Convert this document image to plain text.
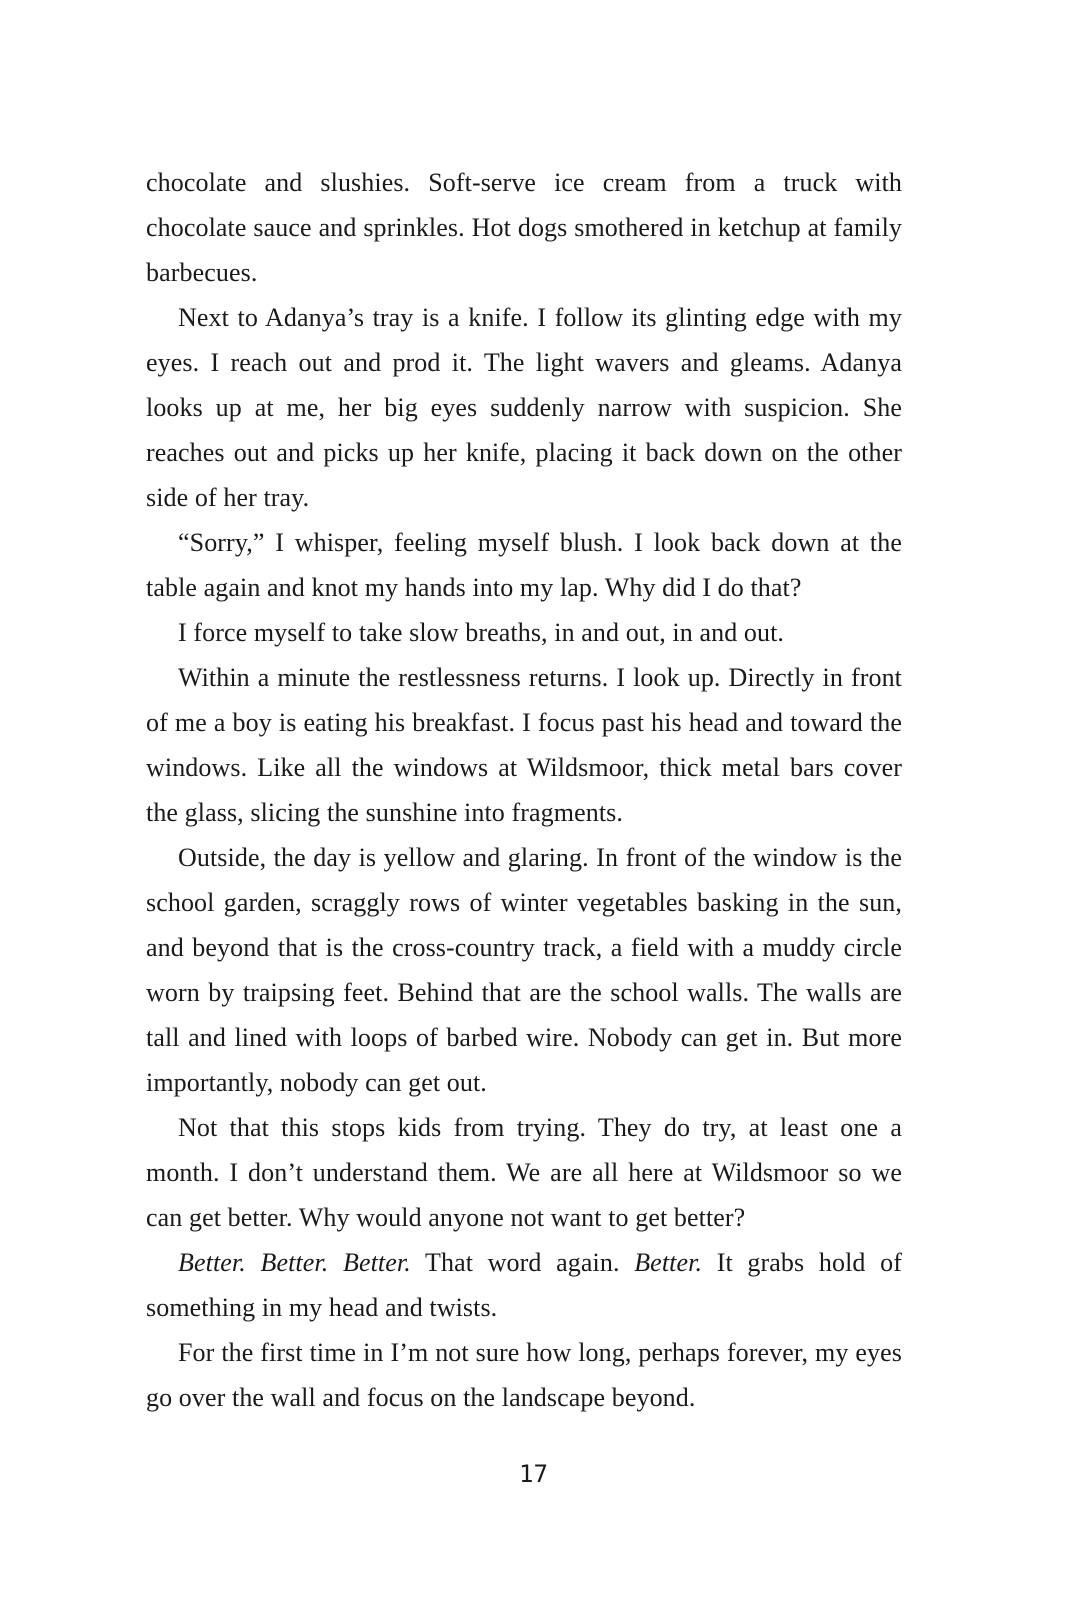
chocolate and slushies. Soft-serve ice cream from a truck with chocolate sauce and sprinkles. Hot dogs smothered in ketchup at family barbecues.

Next to Adanya’s tray is a knife. I follow its glinting edge with my eyes. I reach out and prod it. The light wavers and gleams. Adanya looks up at me, her big eyes suddenly narrow with suspicion. She reaches out and picks up her knife, placing it back down on the other side of her tray.

“Sorry,” I whisper, feeling myself blush. I look back down at the table again and knot my hands into my lap. Why did I do that?

I force myself to take slow breaths, in and out, in and out.

Within a minute the restlessness returns. I look up. Directly in front of me a boy is eating his breakfast. I focus past his head and toward the windows. Like all the windows at Wildsmoor, thick metal bars cover the glass, slicing the sunshine into fragments.

Outside, the day is yellow and glaring. In front of the window is the school garden, scraggly rows of winter vegetables basking in the sun, and beyond that is the cross-country track, a field with a muddy circle worn by traipsing feet. Behind that are the school walls. The walls are tall and lined with loops of barbed wire. Nobody can get in. But more importantly, nobody can get out.

Not that this stops kids from trying. They do try, at least one a month. I don’t understand them. We are all here at Wildsmoor so we can get better. Why would anyone not want to get better?

Better. Better. Better. That word again. Better. It grabs hold of something in my head and twists.

For the first time in I’m not sure how long, perhaps forever, my eyes go over the wall and focus on the landscape beyond.

17
